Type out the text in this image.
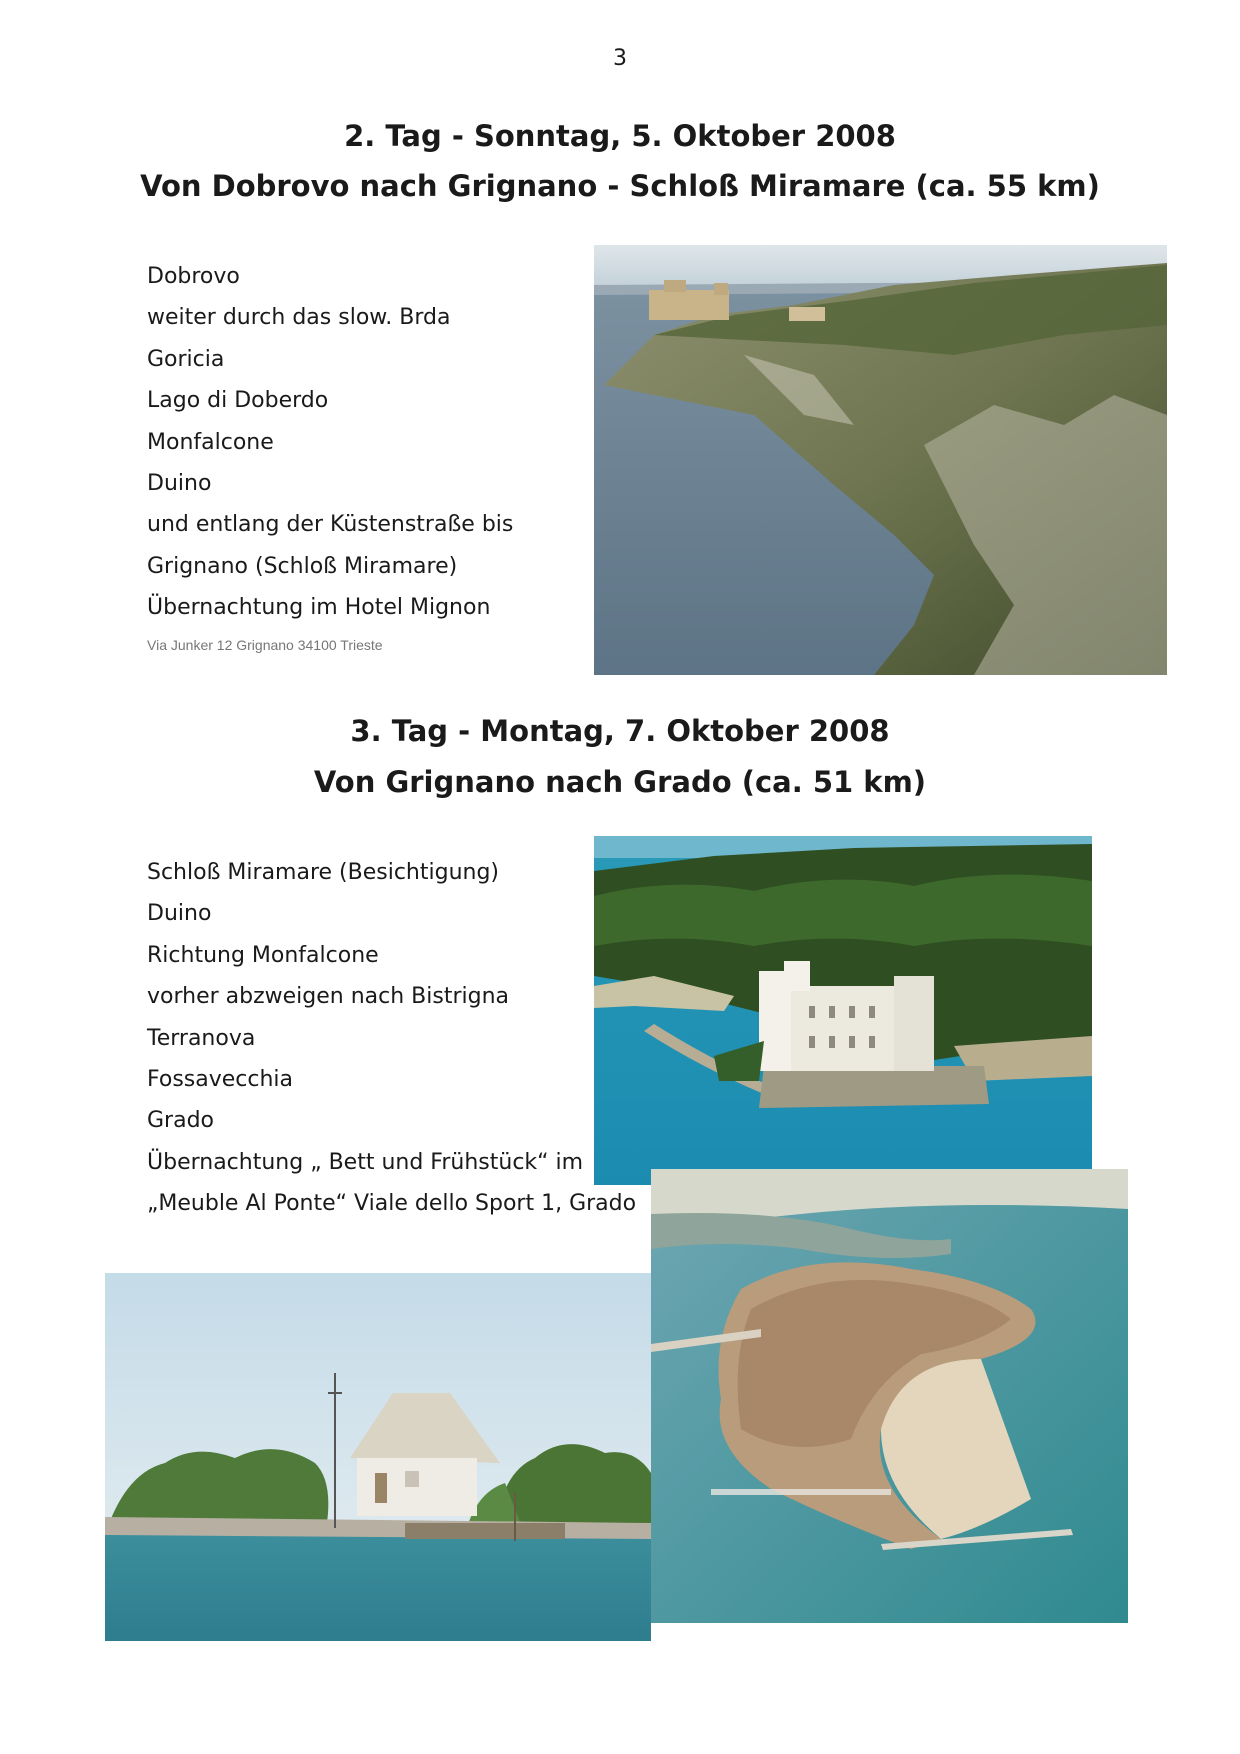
3
2. Tag - Sonntag, 5. Oktober 2008
Von Dobrovo nach Grignano - Schloß Miramare (ca. 55 km)
Dobrovo
weiter durch das slow. Brda
Goricia
Lago di Doberdo
Monfalcone
Duino
und entlang der Küstenstraße bis
Grignano (Schloß Miramare)
Übernachtung im Hotel Mignon
Via Junker 12 Grignano 34100 Trieste
3. Tag - Montag, 7. Oktober 2008
Von Grignano nach Grado (ca. 51 km)
Schloß Miramare (Besichtigung)
Duino
Richtung Monfalcone
vorher abzweigen nach Bistrigna
Terranova
Fossavecchia
Grado
Übernachtung „ Bett und Frühstück“ im
„Meuble Al Ponte“ Viale dello Sport 1, Grado
